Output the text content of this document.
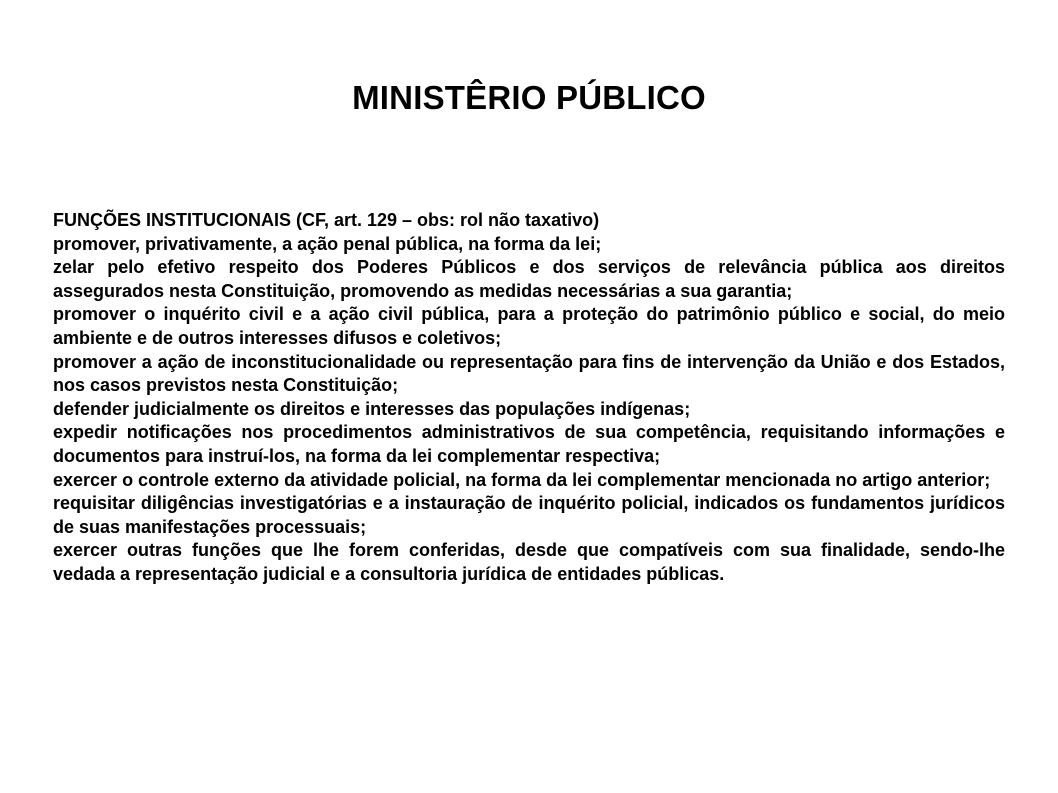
MINISTÊRIO PÚBLICO

FUNÇÕES INSTITUCIONAIS (CF, art. 129 – obs: rol não taxativo)

promover, privativamente, a ação penal pública, na forma da lei;

zelar pelo efetivo respeito dos Poderes Públicos e dos serviços de relevância pública aos direitos assegurados nesta Constituição, promovendo as medidas necessárias a sua garantia;

promover o inquérito civil e a ação civil pública, para a proteção do patrimônio público e social, do meio ambiente e de outros interesses difusos e coletivos;

promover a ação de inconstitucionalidade ou representação para fins de intervenção da União e dos Estados, nos casos previstos nesta Constituição;

defender judicialmente os direitos e interesses das populações indígenas;

expedir notificações nos procedimentos administrativos de sua competência, requisitando informações e documentos para instruí-los, na forma da lei complementar respectiva;

exercer o controle externo da atividade policial, na forma da lei complementar mencionada no artigo anterior;

requisitar diligências investigatórias e a instauração de inquérito policial, indicados os fundamentos jurídicos de suas manifestações processuais;

exercer outras funções que lhe forem conferidas, desde que compatíveis com sua finalidade, sendo-lhe vedada a representação judicial e a consultoria jurídica de entidades públicas.
